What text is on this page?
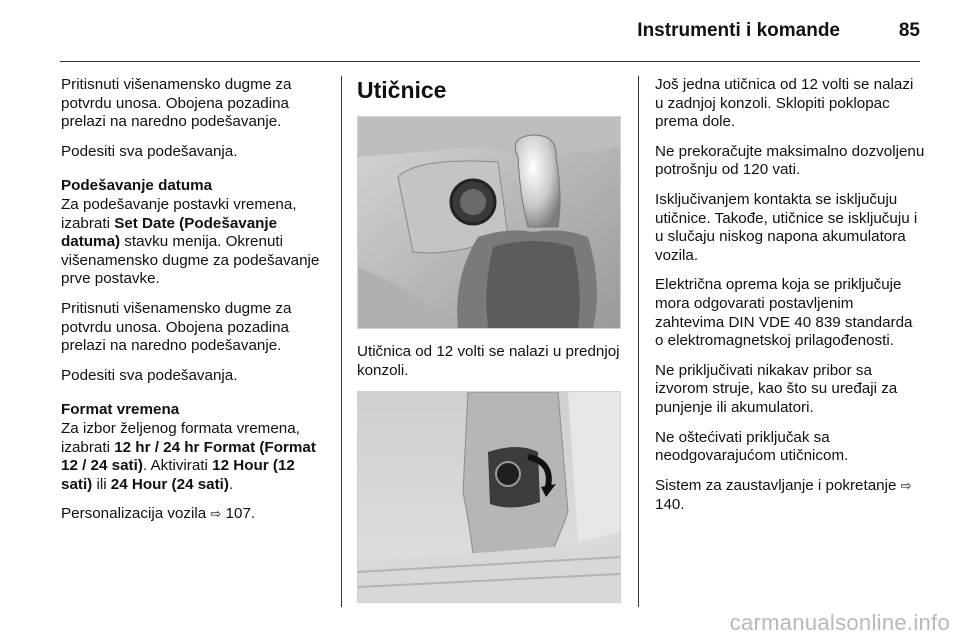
Instrumenti i komande	85

Pritisnuti višenamensko dugme za potvrdu unosa. Obojena pozadina prelazi na naredno podešavanje.

Podesiti sva podešavanja.

Podešavanje datuma

Za podešavanje postavki vremena, izabrati Set Date (Podešavanje datuma) stavku menija. Okrenuti višenamensko dugme za podešavanje prve postavke.

Pritisnuti višenamensko dugme za potvrdu unosa. Obojena pozadina prelazi na naredno podešavanje.

Podesiti sva podešavanja.

Format vremena

Za izbor željenog formata vremena, izabrati 12 hr / 24 hr Format (Format 12 / 24 sati). Aktivirati 12 Hour (12 sati) ili 24 Hour (24 sati).

Personalizacija vozila ⇨ 107.

Utičnice

Utičnica od 12 volti se nalazi u prednjoj konzoli.

Još jedna utičnica od 12 volti se nalazi u zadnjoj konzoli. Sklopiti poklopac prema dole.

Ne prekoračujte maksimalno dozvoljenu potrošnju od 120 vati.

Isključivanjem kontakta se isključuju utičnice. Takođe, utičnice se isključuju i u slučaju niskog napona akumulatora vozila.

Električna oprema koja se priključuje mora odgovarati postavljenim zahtevima DIN VDE 40 839 standarda o elektromagnetskoj prilagođenosti.

Ne priključivati nikakav pribor sa izvorom struje, kao što su uređaji za punjenje ili akumulatori.

Ne oštećivati priključak sa neodgovarajućom utičnicom.

Sistem za zaustavljanje i pokretanje ⇨ 140.

carmanualsonline.info
